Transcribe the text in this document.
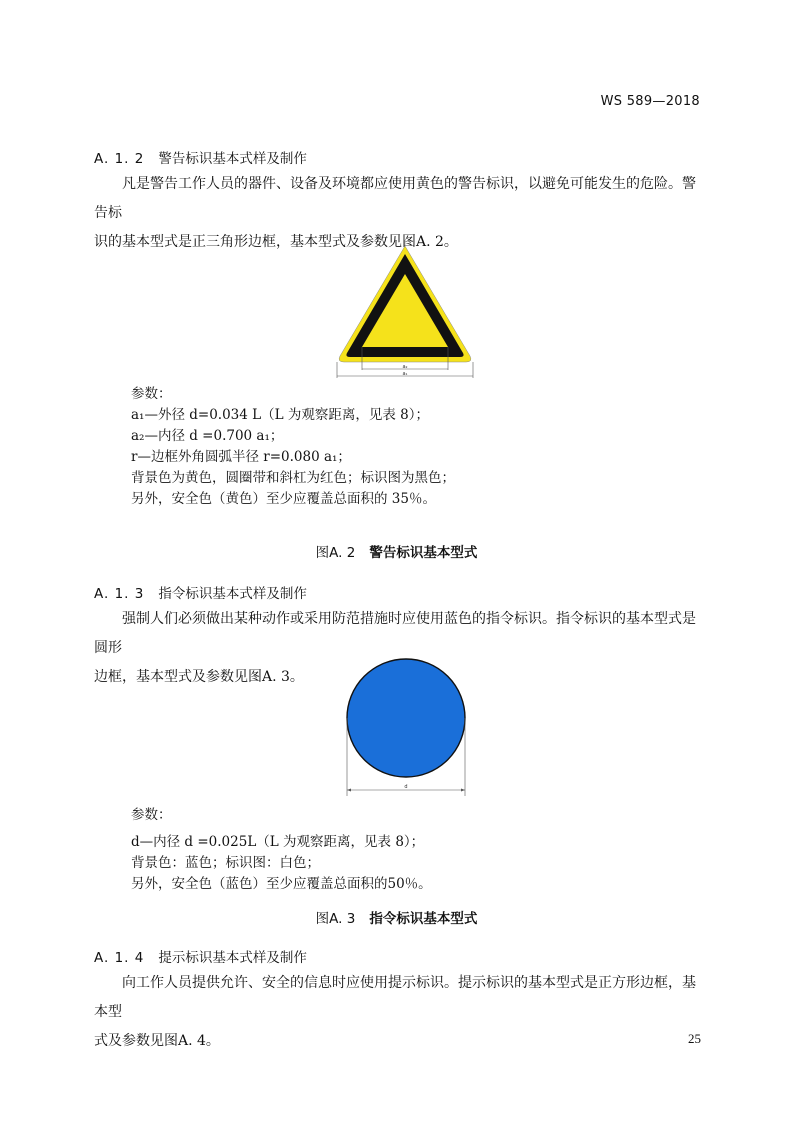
WS 589—2018
A. 1. 2 警告标识基本式样及制作
凡是警告工作人员的器件、设备及环境都应使用黄色的警告标识，以避免可能发生的危险。警告标
识的基本型式是正三角形边框，基本型式及参数见图A. 2。
a₂
a₁
参数：
a₁—外径 d=0.034 L（L 为观察距离，见表 8）；
a₂—内径 d =0.700 a₁；
r—边框外角圆弧半径 r=0.080 a₁；
背景色为黄色，圆圈带和斜杠为红色；标识图为黑色；
另外，安全色（黄色）至少应覆盖总面积的 35％。
图A. 2 警告标识基本型式
A. 1. 3 指令标识基本式样及制作
强制人们必须做出某种动作或采用防范措施时应使用蓝色的指令标识。指令标识的基本型式是圆形
边框，基本型式及参数见图A. 3。
d
参数：
d—内径 d =0.025L（L 为观察距离，见表 8）；
背景色：蓝色；标识图：白色；
另外，安全色（蓝色）至少应覆盖总面积的50％。
图A. 3 指令标识基本型式
A. 1. 4 提示标识基本式样及制作
向工作人员提供允许、安全的信息时应使用提示标识。提示标识的基本型式是正方形边框，基本型
式及参数见图A. 4。	25
